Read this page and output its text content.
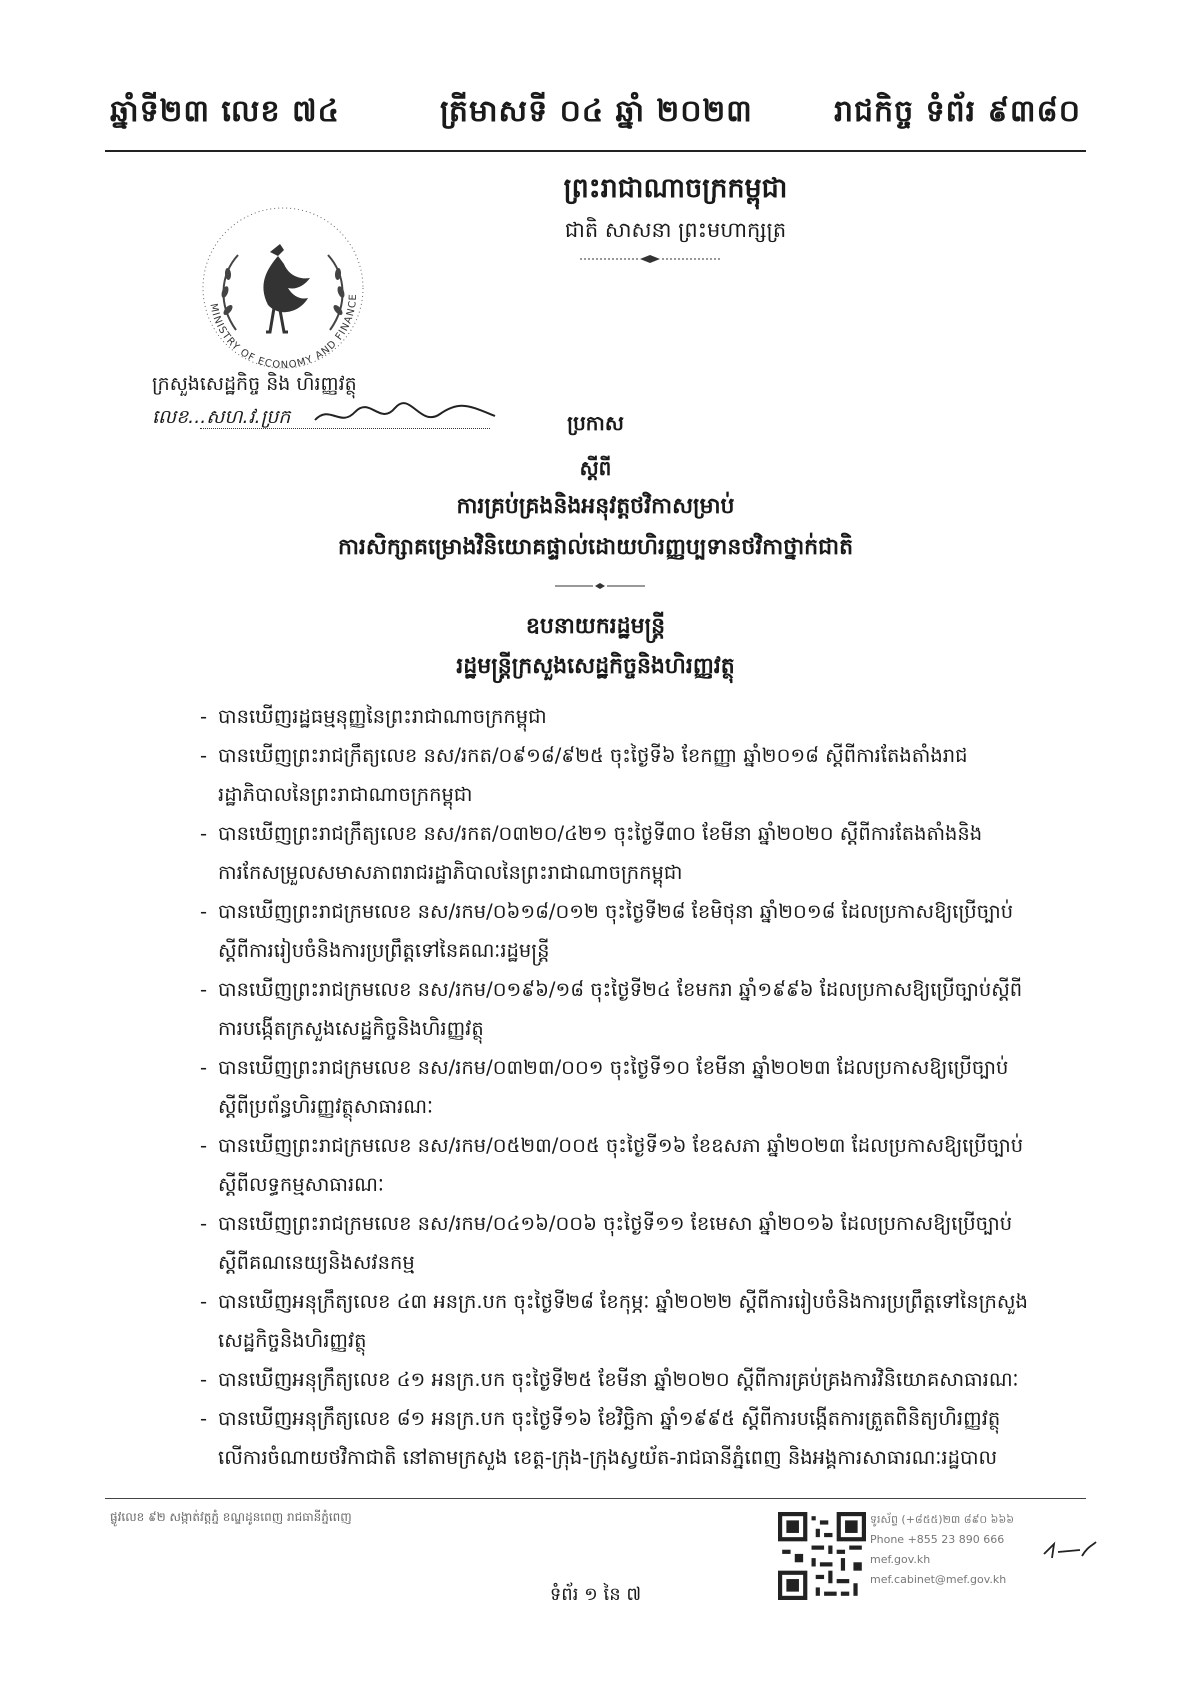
ឆ្នាំទី២៣ លេខ ៧៤	ត្រីមាសទី ០៤ ឆ្នាំ ២០២៣	រាជកិច្ច ទំព័រ ៩៣៨០
ព្រះរាជាណាចក្រកម្ពុជា
ជាតិ សាសនា ព្រះមហាក្សត្រ
MINISTRY OF ECONOMY AND FINANCE
ក្រសួងសេដ្ឋកិច្ច និង ហិរញ្ញវត្ថុ
លេខ...សហ.វ.ប្រក	ប្រកាស
ស្តីពី
ការគ្រប់គ្រងនិងអនុវត្តថវិកាសម្រាប់
ការសិក្សាគម្រោងវិនិយោគផ្ទាល់ដោយហិរញ្ញប្បទានថវិកាថ្នាក់ជាតិ
ឧបនាយករដ្ឋមន្ត្រី
រដ្ឋមន្ត្រីក្រសួងសេដ្ឋកិច្ចនិងហិរញ្ញវត្ថុ
- បានឃើញរដ្ឋធម្មនុញ្ញនៃព្រះរាជាណាចក្រកម្ពុជា
- បានឃើញព្រះរាជក្រឹត្យលេខ នស/រកត/០៩១៨/៩២៥ ចុះថ្ងៃទី៦ ខែកញ្ញា ឆ្នាំ២០១៨ ស្តីពីការតែងតាំងរាជរដ្ឋាភិបាលនៃព្រះរាជាណាចក្រកម្ពុជា
- បានឃើញព្រះរាជក្រឹត្យលេខ នស/រកត/០៣២០/៤២១ ចុះថ្ងៃទី៣០ ខែមីនា ឆ្នាំ២០២០ ស្តីពីការតែងតាំងនិងការកែសម្រួលសមាសភាពរាជរដ្ឋាភិបាលនៃព្រះរាជាណាចក្រកម្ពុជា
- បានឃើញព្រះរាជក្រមលេខ នស/រកម/០៦១៨/០១២ ចុះថ្ងៃទី២៨ ខែមិថុនា ឆ្នាំ២០១៨ ដែលប្រកាសឱ្យប្រើច្បាប់ស្តីពីការរៀបចំនិងការប្រព្រឹត្តទៅនៃគណៈរដ្ឋមន្ត្រី
- បានឃើញព្រះរាជក្រមលេខ នស/រកម/០១៩៦/១៨ ចុះថ្ងៃទី២៤ ខែមករា ឆ្នាំ១៩៩៦ ដែលប្រកាសឱ្យប្រើច្បាប់ស្តីពីការបង្កើតក្រសួងសេដ្ឋកិច្ចនិងហិរញ្ញវត្ថុ
- បានឃើញព្រះរាជក្រមលេខ នស/រកម/០៣២៣/០០១ ចុះថ្ងៃទី១០ ខែមីនា ឆ្នាំ២០២៣ ដែលប្រកាសឱ្យប្រើច្បាប់ស្តីពីប្រព័ន្ធហិរញ្ញវត្ថុសាធារណៈ
- បានឃើញព្រះរាជក្រមលេខ នស/រកម/០៥២៣/០០៥ ចុះថ្ងៃទី១៦ ខែឧសភា ឆ្នាំ២០២៣ ដែលប្រកាសឱ្យប្រើច្បាប់ស្តីពីលទ្ធកម្មសាធារណៈ
- បានឃើញព្រះរាជក្រមលេខ នស/រកម/០៤១៦/០០៦ ចុះថ្ងៃទី១១ ខែមេសា ឆ្នាំ២០១៦ ដែលប្រកាសឱ្យប្រើច្បាប់ស្តីពីគណនេយ្យនិងសវនកម្ម
- បានឃើញអនុក្រឹត្យលេខ ៤៣ អនក្រ.បក ចុះថ្ងៃទី២៨ ខែកុម្ភៈ ឆ្នាំ២០២២ ស្តីពីការរៀបចំនិងការប្រព្រឹត្តទៅនៃក្រសួងសេដ្ឋកិច្ចនិងហិរញ្ញវត្ថុ
- បានឃើញអនុក្រឹត្យលេខ ៤១ អនក្រ.បក ចុះថ្ងៃទី២៥ ខែមីនា ឆ្នាំ២០២០ ស្តីពីការគ្រប់គ្រងការវិនិយោគសាធារណៈ
- បានឃើញអនុក្រឹត្យលេខ ៨១ អនក្រ.បក ចុះថ្ងៃទី១៦ ខែវិច្ឆិកា ឆ្នាំ១៩៩៥ ស្តីពីការបង្កើតការត្រួតពិនិត្យហិរញ្ញវត្ថុលើការចំណាយថវិកាជាតិ នៅតាមក្រសួង ខេត្ត-ក្រុង-ក្រុងស្វយ័ត-រាជធានីភ្នំពេញ និងអង្គការសាធារណៈរដ្ឋបាល
ផ្លូវលេខ ៩២ សង្កាត់វត្តភ្នំ ខណ្ឌដូនពេញ រាជធានីភ្នំពេញ	ទូរស័ព្ទ (+៨៥៥)២៣ ៨៩០ ៦៦៦
Phone +855 23 890 666
mef.gov.kh
mef.cabinet@mef.gov.kh
ទំព័រ ១ នៃ ៧
